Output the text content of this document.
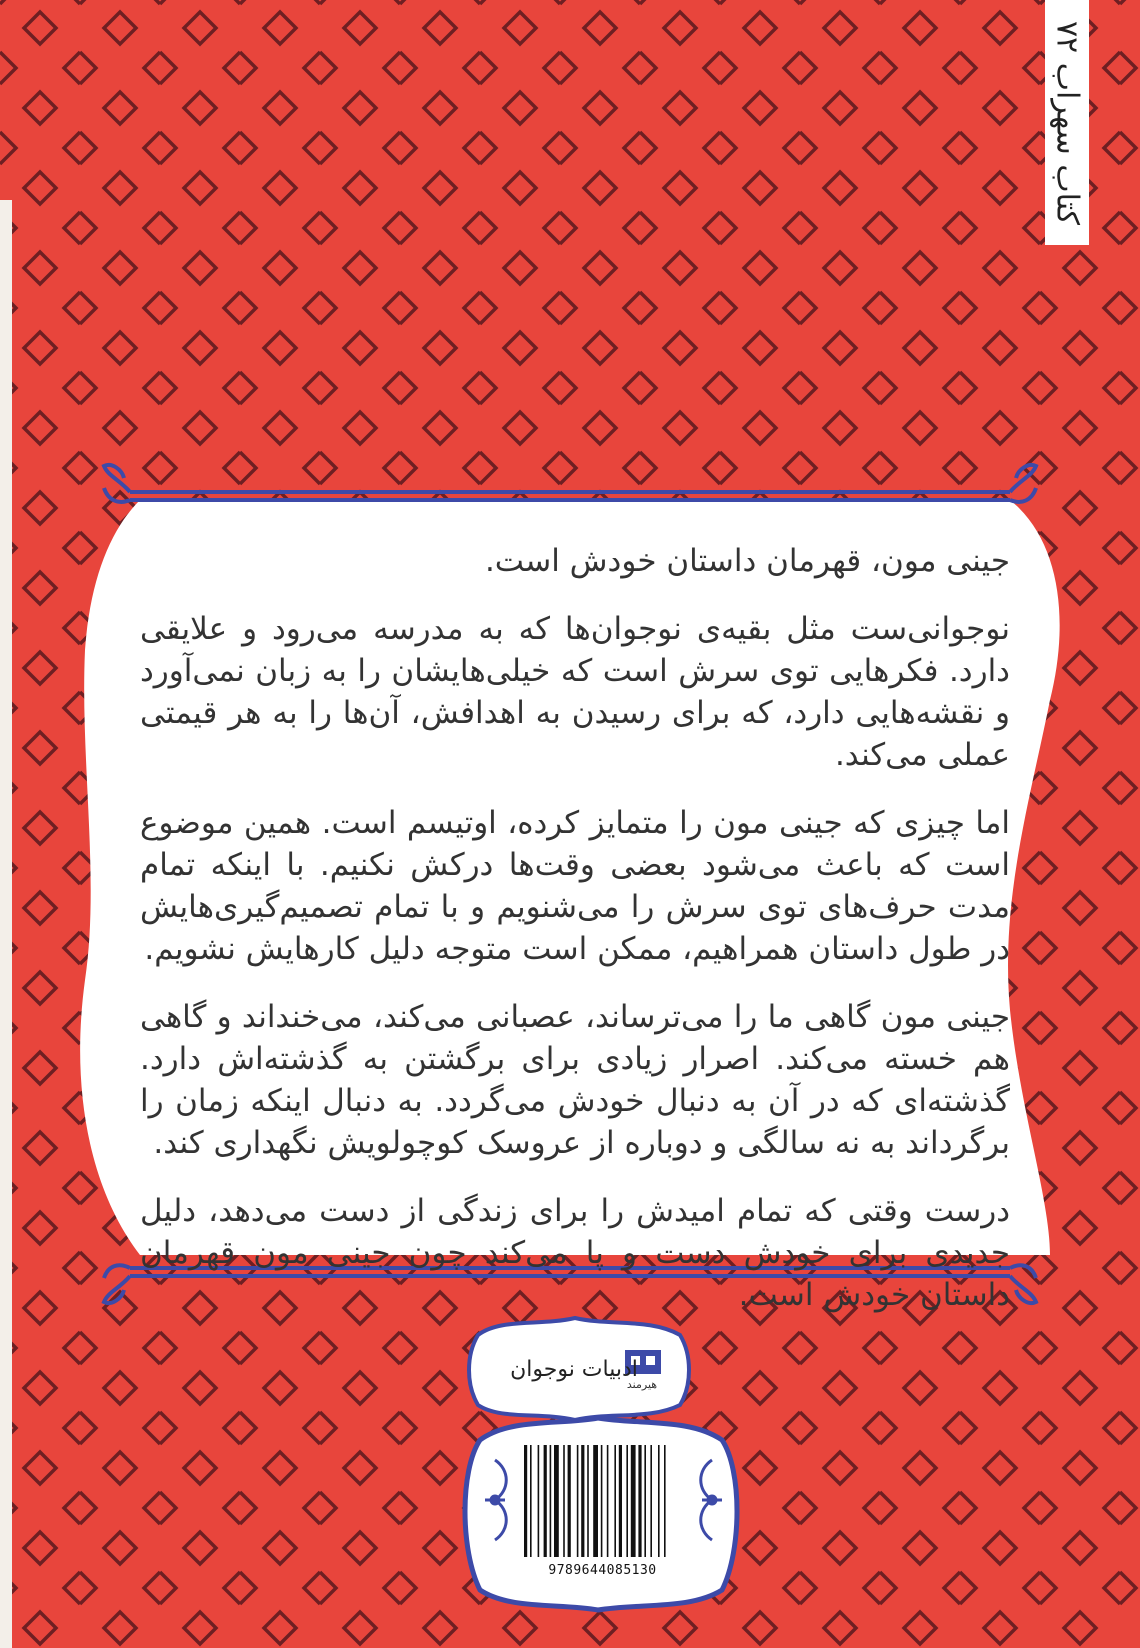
کتاب سهراب ۷۲

جینی مون، قهرمان داستان خودش است.

نوجوانی‌ست مثل بقیه‌ی نوجوان‌ها که به مدرسه می‌رود و علایقی دارد. فکرهایی توی سرش است که خیلی‌هایشان را به زبان نمی‌آورد و نقشه‌هایی دارد، که برای رسیدن به اهدافش، آن‌ها را به هر قیمتی عملی می‌کند.

اما چیزی که جینی مون را متمایز کرده، اوتیسم است. همین موضوع است که باعث می‌شود بعضی وقت‌ها درکش نکنیم. با اینکه تمام مدت حرف‌های توی سرش را می‌شنویم و با تمام تصمیم‌گیری‌هایش در طول داستان همراهیم، ممکن است متوجه دلیل کارهایش نشویم.

جینی مون گاهی ما را می‌ترساند، عصبانی می‌کند، می‌خنداند و گاهی هم خسته می‌کند. اصرار زیادی برای برگشتن به گذشته‌اش دارد. گذشته‌ای که در آن به دنبال خودش می‌گردد. به دنبال اینکه زمان را برگرداند به نه سالگی و دوباره از عروسک کوچولویش نگهداری کند.

درست وقتی که تمام امیدش را برای زندگی از دست می‌دهد، دلیل جدیدی برای خودش دست و پا می‌کند چون جینی مون قهرمان داستان خودش است.

ادبیات نوجوان
هیرمند
9789644085130
